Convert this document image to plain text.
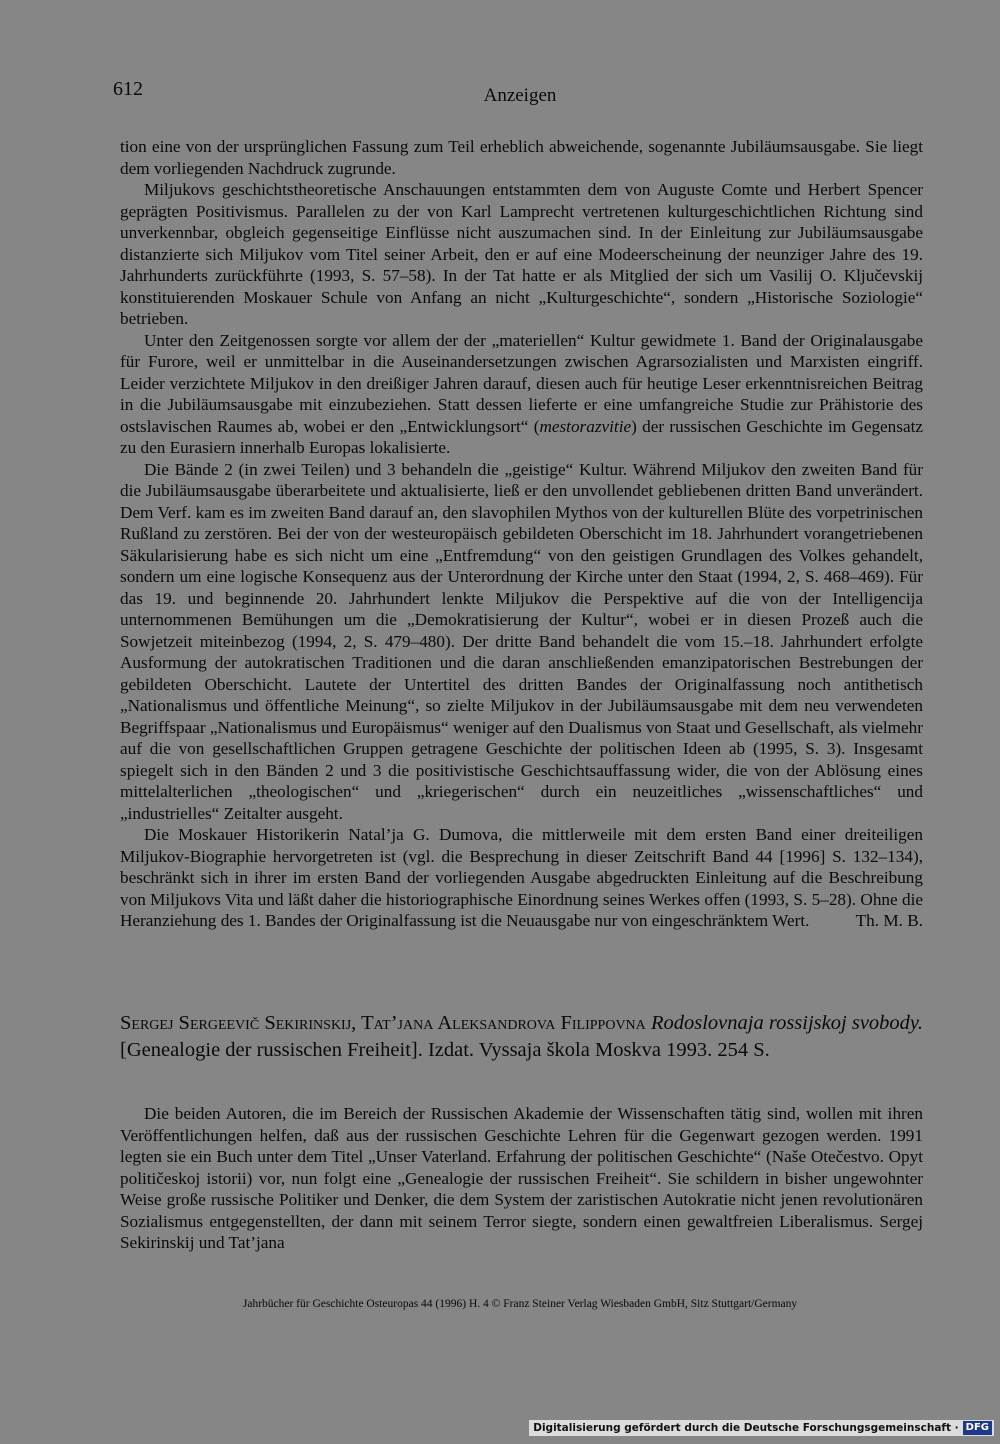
612	Anzeigen

tion eine von der ursprünglichen Fassung zum Teil erheblich abweichende, sogenannte Jubiläumsausgabe. Sie liegt dem vorliegenden Nachdruck zugrunde.

Miljukovs geschichtstheoretische Anschauungen entstammten dem von Auguste Comte und Herbert Spencer geprägten Positivismus. Parallelen zu der von Karl Lamprecht vertretenen kulturgeschichtlichen Richtung sind unverkennbar, obgleich gegenseitige Einflüsse nicht auszumachen sind. In der Einleitung zur Jubiläumsausgabe distanzierte sich Miljukov vom Titel seiner Arbeit, den er auf eine Modeerscheinung der neunziger Jahre des 19. Jahrhunderts zurückführte (1993, S. 57–58). In der Tat hatte er als Mitglied der sich um Vasilij O. Ključevskij konstituierenden Moskauer Schule von Anfang an nicht „Kulturgeschichte“, sondern „Historische Soziologie“ betrieben.

Unter den Zeitgenossen sorgte vor allem der der „materiellen“ Kultur gewidmete 1. Band der Originalausgabe für Furore, weil er unmittelbar in die Auseinandersetzungen zwischen Agrarsozialisten und Marxisten eingriff. Leider verzichtete Miljukov in den dreißiger Jahren darauf, diesen auch für heutige Leser erkenntnisreichen Beitrag in die Jubiläumsausgabe mit einzubeziehen. Statt dessen lieferte er eine umfangreiche Studie zur Prähistorie des ostslavischen Raumes ab, wobei er den „Entwicklungsort“ (mestorazvitie) der russischen Geschichte im Gegensatz zu den Eurasiern innerhalb Europas lokalisierte.

Die Bände 2 (in zwei Teilen) und 3 behandeln die „geistige“ Kultur. Während Miljukov den zweiten Band für die Jubiläumsausgabe überarbeitete und aktualisierte, ließ er den unvollendet gebliebenen dritten Band unverändert. Dem Verf. kam es im zweiten Band darauf an, den slavophilen Mythos von der kulturellen Blüte des vorpetrinischen Rußland zu zerstören. Bei der von der westeuropäisch gebildeten Oberschicht im 18. Jahrhundert vorangetriebenen Säkularisierung habe es sich nicht um eine „Entfremdung“ von den geistigen Grundlagen des Volkes gehandelt, sondern um eine logische Konsequenz aus der Unterordnung der Kirche unter den Staat (1994, 2, S. 468–469). Für das 19. und beginnende 20. Jahrhundert lenkte Miljukov die Perspektive auf die von der Intelligencija unternommenen Bemühungen um die „Demokratisierung der Kultur“, wobei er in diesen Prozeß auch die Sowjetzeit miteinbezog (1994, 2, S. 479–480). Der dritte Band behandelt die vom 15.–18. Jahrhundert erfolgte Ausformung der autokratischen Traditionen und die daran anschließenden emanzipatorischen Bestrebungen der gebildeten Oberschicht. Lautete der Untertitel des dritten Bandes der Originalfassung noch antithetisch „Nationalismus und öffentliche Meinung“, so zielte Miljukov in der Jubiläumsausgabe mit dem neu verwendeten Begriffspaar „Nationalismus und Europäismus“ weniger auf den Dualismus von Staat und Gesellschaft, als vielmehr auf die von gesellschaftlichen Gruppen getragene Geschichte der politischen Ideen ab (1995, S. 3). Insgesamt spiegelt sich in den Bänden 2 und 3 die positivistische Geschichtsauffassung wider, die von der Ablösung eines mittelalterlichen „theologischen“ und „kriegerischen“ durch ein neuzeitliches „wissenschaftliches“ und „industrielles“ Zeitalter ausgeht.

Die Moskauer Historikerin Natal’ja G. Dumova, die mittlerweile mit dem ersten Band einer dreiteiligen Miljukov-Biographie hervorgetreten ist (vgl. die Besprechung in dieser Zeitschrift Band 44 [1996] S. 132–134), beschränkt sich in ihrer im ersten Band der vorliegenden Ausgabe abgedruckten Einleitung auf die Beschreibung von Miljukovs Vita und läßt daher die historiographische Einordnung seines Werkes offen (1993, S. 5–28). Ohne die Heranziehung des 1. Bandes der Originalfassung ist die Neuausgabe nur von eingeschränktem Wert.	Th. M. B.

Sergej Sergeevič Sekirinskij, Tat’jana Aleksandrova Filippovna Rodoslovnaja rossijskoj svobody. [Genealogie der russischen Freiheit]. Izdat. Vyssaja škola Moskva 1993. 254 S.

Die beiden Autoren, die im Bereich der Russischen Akademie der Wissenschaften tätig sind, wollen mit ihren Veröffentlichungen helfen, daß aus der russischen Geschichte Lehren für die Gegenwart gezogen werden. 1991 legten sie ein Buch unter dem Titel „Unser Vaterland. Erfahrung der politischen Geschichte“ (Naše Otečestvo. Opyt političeskoj istorii) vor, nun folgt eine „Genealogie der russischen Freiheit“. Sie schildern in bisher ungewohnter Weise große russische Politiker und Denker, die dem System der zaristischen Autokratie nicht jenen revolutionären Sozialismus entgegenstellten, der dann mit seinem Terror siegte, sondern einen gewaltfreien Liberalismus. Sergej Sekirinskij und Tat’jana

Jahrbücher für Geschichte Osteuropas 44 (1996) H. 4 © Franz Steiner Verlag Wiesbaden GmbH, Sitz Stuttgart/Germany
Digitalisierung gefördert durch die Deutsche Forschungsgemeinschaft · DFG
